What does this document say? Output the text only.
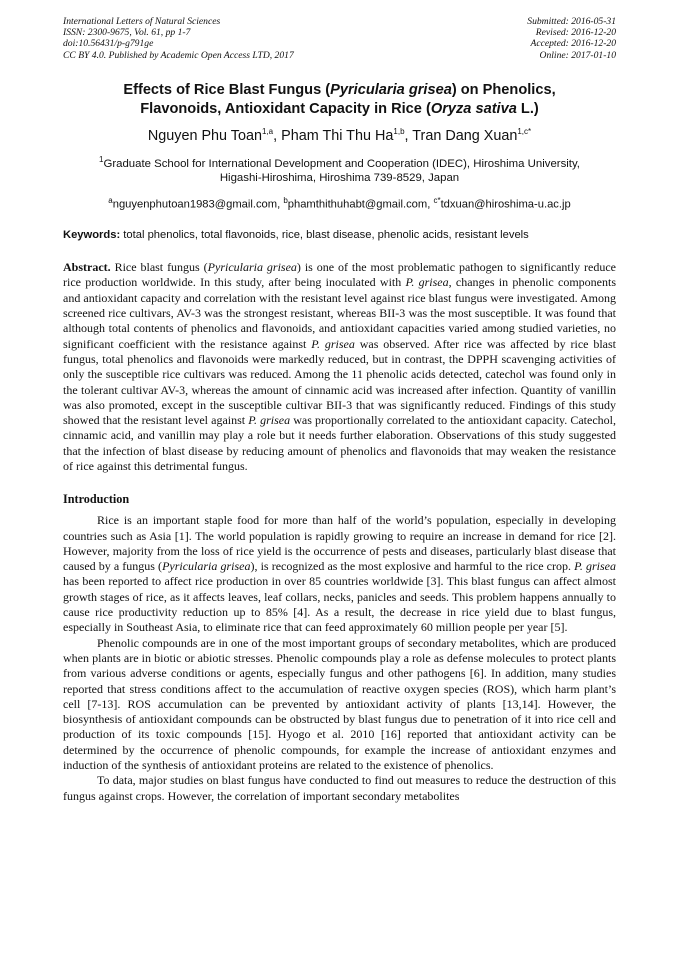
International Letters of Natural Sciences
ISSN: 2300-9675, Vol. 61, pp 1-7
doi:10.56431/p-g791ge
CC BY 4.0. Published by Academic Open Access LTD, 2017
Submitted: 2016-05-31
Revised: 2016-12-20
Accepted: 2016-12-20
Online: 2017-01-10
Effects of Rice Blast Fungus (Pyricularia grisea) on Phenolics,
Flavonoids, Antioxidant Capacity in Rice (Oryza sativa L.)
Nguyen Phu Toan$^{1,a}$, Pham Thi Thu Ha$^{1,b}$, Tran Dang Xuan$^{1,c*}$
$^1$Graduate School for International Development and Cooperation (IDEC), Hiroshima University,
Higashi-Hiroshima, Hiroshima 739-8529, Japan
$^a$nguyenphutoan1983@gmail.com, $^b$phamthithuhabt@gmail.com, $^{c*}$tdxuan@hiroshima-u.ac.jp
Keywords: total phenolics, total flavonoids, rice, blast disease, phenolic acids, resistant levels
Abstract. Rice blast fungus (Pyricularia grisea) is one of the most problematic pathogen to significantly reduce rice production worldwide. In this study, after being inoculated with P. grisea, changes in phenolic components and antioxidant capacity and correlation with the resistant level against rice blast fungus were investigated. Among screened rice cultivars, AV-3 was the strongest resistant, whereas BII-3 was the most susceptible. It was found that although total contents of phenolics and flavonoids, and antioxidant capacities varied among studied varieties, no significant coefficient with the resistance against P. grisea was observed. After rice was affected by rice blast fungus, total phenolics and flavonoids were markedly reduced, but in contrast, the DPPH scavenging activities of only the susceptible rice cultivars was reduced. Among the 11 phenolic acids detected, catechol was found only in the tolerant cultivar AV-3, whereas the amount of cinnamic acid was increased after infection. Quantity of vanillin was also promoted, except in the susceptible cultivar BII-3 that was significantly reduced. Findings of this study showed that the resistant level against P. grisea was proportionally correlated to the antioxidant capacity. Catechol, cinnamic acid, and vanillin may play a role but it needs further elaboration. Observations of this study suggested that the infection of blast disease by reducing amount of phenolics and flavonoids that may weaken the resistance of rice against this detrimental fungus.
Introduction

Rice is an important staple food for more than half of the world’s population, especially in developing countries such as Asia [1]. The world population is rapidly growing to require an increase in demand for rice [2]. However, majority from the loss of rice yield is the occurrence of pests and diseases, particularly blast disease that caused by a fungus (Pyricularia grisea), is recognized as the most explosive and harmful to the rice crop. P. grisea has been reported to affect rice production in over 85 countries worldwide [3]. This blast fungus can affect almost growth stages of rice, as it affects leaves, leaf collars, necks, panicles and seeds. This problem happens annually to cause rice productivity reduction up to 85% [4]. As a result, the decrease in rice yield due to blast fungus, especially in Southeast Asia, to eliminate rice that can feed approximately 60 million people per year [5].

Phenolic compounds are in one of the most important groups of secondary metabolites, which are produced when plants are in biotic or abiotic stresses. Phenolic compounds play a role as defense molecules to protect plants from various adverse conditions or agents, especially fungus and other pathogens [6]. In addition, many studies reported that stress conditions affect to the accumulation of reactive oxygen species (ROS), which harm plant’s cell [7-13]. ROS accumulation can be prevented by antioxidant activity of plants [13,14]. However, the biosynthesis of antioxidant compounds can be obstructed by blast fungus due to penetration of it into rice cell and production of its toxic compounds [15]. Hyogo et al. 2010 [16] reported that antioxidant activity can be determined by the occurrence of phenolic compounds, for example the increase of antioxidant enzymes and induction of the synthesis of antioxidant proteins are related to the existence of phenolics.

To data, major studies on blast fungus have conducted to find out measures to reduce the destruction of this fungus against crops. However, the correlation of important secondary metabolites
